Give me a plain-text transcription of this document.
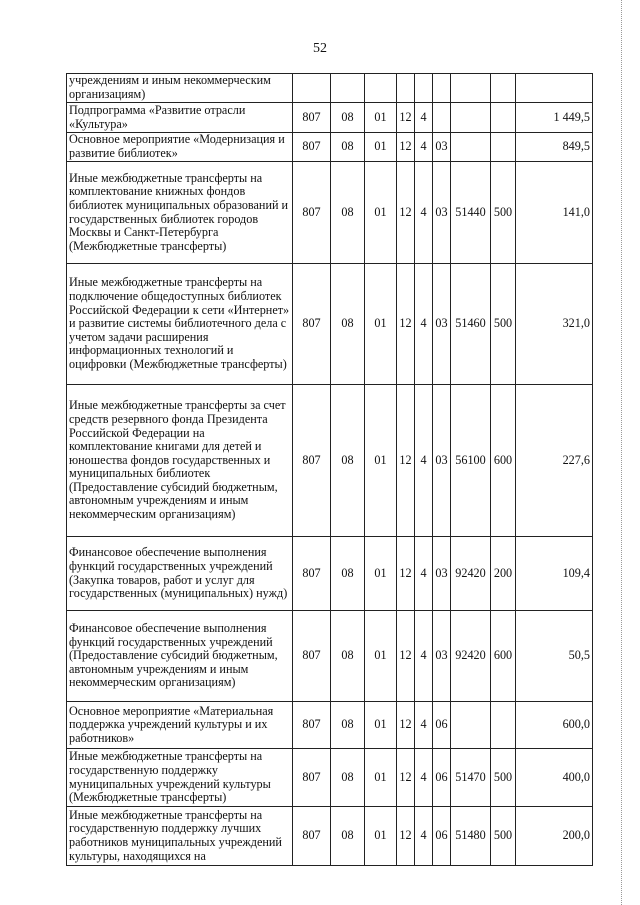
52
учреждениям и иным некоммерческим организациям)									
Подпрограмма «Развитие отрасли «Культура»	807	08	01	12	4				1 449,5
Основное мероприятие «Модернизация и развитие библиотек»	807	08	01	12	4	03			849,5
Иные межбюджетные трансферты на комплектование книжных фондов библиотек муниципальных образований и государственных библиотек городов Москвы и Санкт-Петербурга (Межбюджетные трансферты)	807	08	01	12	4	03	51440	500	141,0
Иные межбюджетные трансферты на подключение общедоступных библиотек Российской Федерации к сети «Интернет» и развитие системы библиотечного дела с учетом задачи расширения информационных технологий и оцифровки (Межбюджетные трансферты)	807	08	01	12	4	03	51460	500	321,0
Иные межбюджетные трансферты за счет средств резервного фонда Президента Российской Федерации на комплектование книгами для детей и юношества фондов государственных и муниципальных библиотек (Предоставление субсидий бюджетным, автономным учреждениям и иным некоммерческим организациям)	807	08	01	12	4	03	56100	600	227,6
Финансовое обеспечение выполнения функций государственных учреждений (Закупка товаров, работ и услуг для государственных (муниципальных) нужд)	807	08	01	12	4	03	92420	200	109,4
Финансовое обеспечение выполнения функций государственных учреждений (Предоставление субсидий бюджетным, автономным учреждениям и иным некоммерческим организациям)	807	08	01	12	4	03	92420	600	50,5
Основное мероприятие «Материальная поддержка учреждений культуры и их работников»	807	08	01	12	4	06			600,0
Иные межбюджетные трансферты на государственную поддержку муниципальных учреждений культуры (Межбюджетные трансферты)	807	08	01	12	4	06	51470	500	400,0
Иные межбюджетные трансферты на государственную поддержку лучших работников муниципальных учреждений культуры, находящихся на	807	08	01	12	4	06	51480	500	200,0
